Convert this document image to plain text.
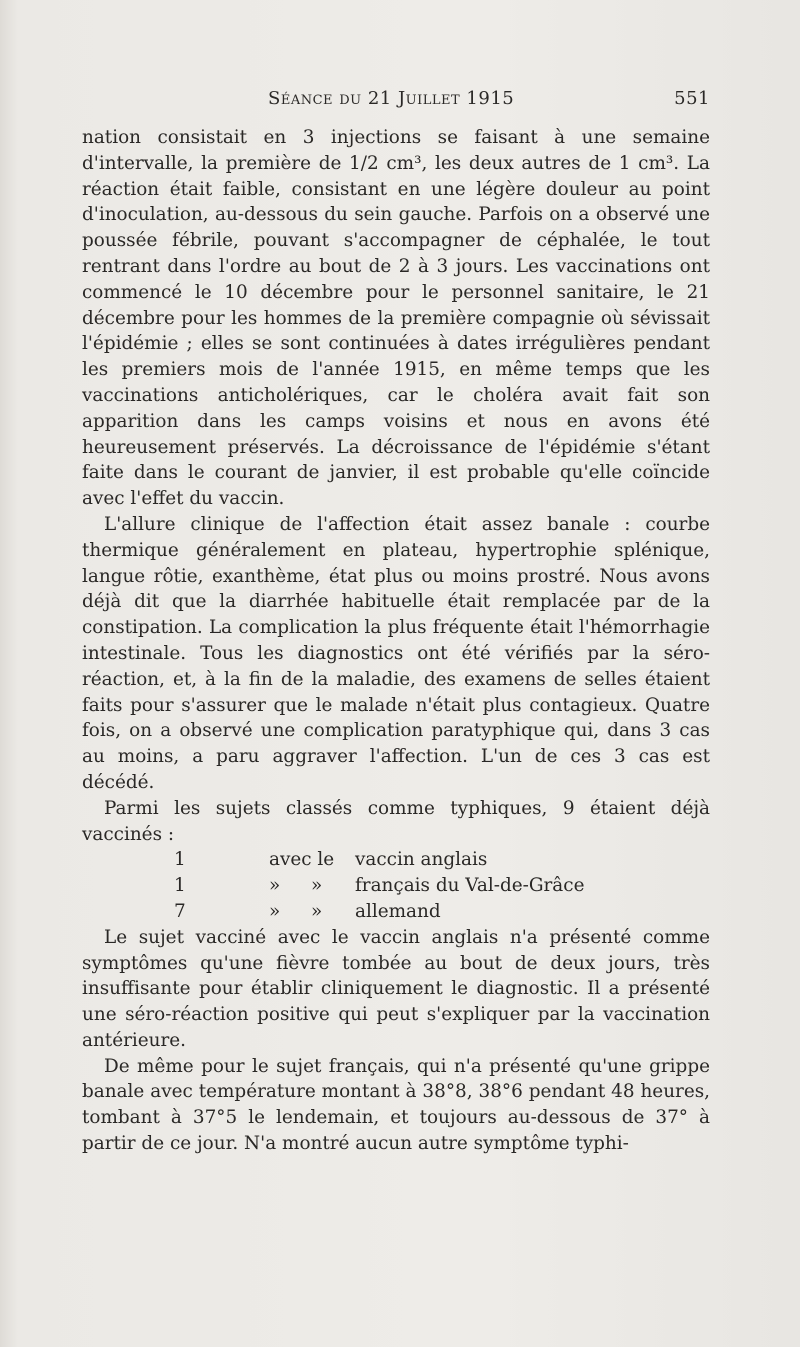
Séance du 21 Juillet 1915	551

nation consistait en 3 injections se faisant à une semaine d'intervalle, la première de 1/2 cm³, les deux autres de 1 cm³. La réaction était faible, consistant en une légère douleur au point d'inoculation, au-dessous du sein gauche. Parfois on a observé une poussée fébrile, pouvant s'accompagner de céphalée, le tout rentrant dans l'ordre au bout de 2 à 3 jours. Les vaccinations ont commencé le 10 décembre pour le personnel sanitaire, le 21 décembre pour les hommes de la première compagnie où sévissait l'épidémie ; elles se sont continuées à dates irrégulières pendant les premiers mois de l'année 1915, en même temps que les vaccinations anticholériques, car le choléra avait fait son apparition dans les camps voisins et nous en avons été heureusement préservés. La décroissance de l'épidémie s'étant faite dans le courant de janvier, il est probable qu'elle coïncide avec l'effet du vaccin.

L'allure clinique de l'affection était assez banale : courbe thermique généralement en plateau, hypertrophie splénique, langue rôtie, exanthème, état plus ou moins prostré. Nous avons déjà dit que la diarrhée habituelle était remplacée par de la constipation. La complication la plus fréquente était l'hémorrhagie intestinale. Tous les diagnostics ont été vérifiés par la séro-réaction, et, à la fin de la maladie, des examens de selles étaient faits pour s'assurer que le malade n'était plus contagieux. Quatre fois, on a observé une complication paratyphique qui, dans 3 cas au moins, a paru aggraver l'affection. L'un de ces 3 cas est décédé.

Parmi les sujets classés comme typhiques, 9 étaient déjà vaccinés :

1	avec le	vaccin anglais
1	»	»	français du Val-de-Grâce
7	»	»	allemand

Le sujet vacciné avec le vaccin anglais n'a présenté comme symptômes qu'une fièvre tombée au bout de deux jours, très insuffisante pour établir cliniquement le diagnostic. Il a présenté une séro-réaction positive qui peut s'expliquer par la vaccination antérieure.

De même pour le sujet français, qui n'a présenté qu'une grippe banale avec température montant à 38°8, 38°6 pendant 48 heures, tombant à 37°5 le lendemain, et toujours au-dessous de 37° à partir de ce jour. N'a montré aucun autre symptôme typhi-
